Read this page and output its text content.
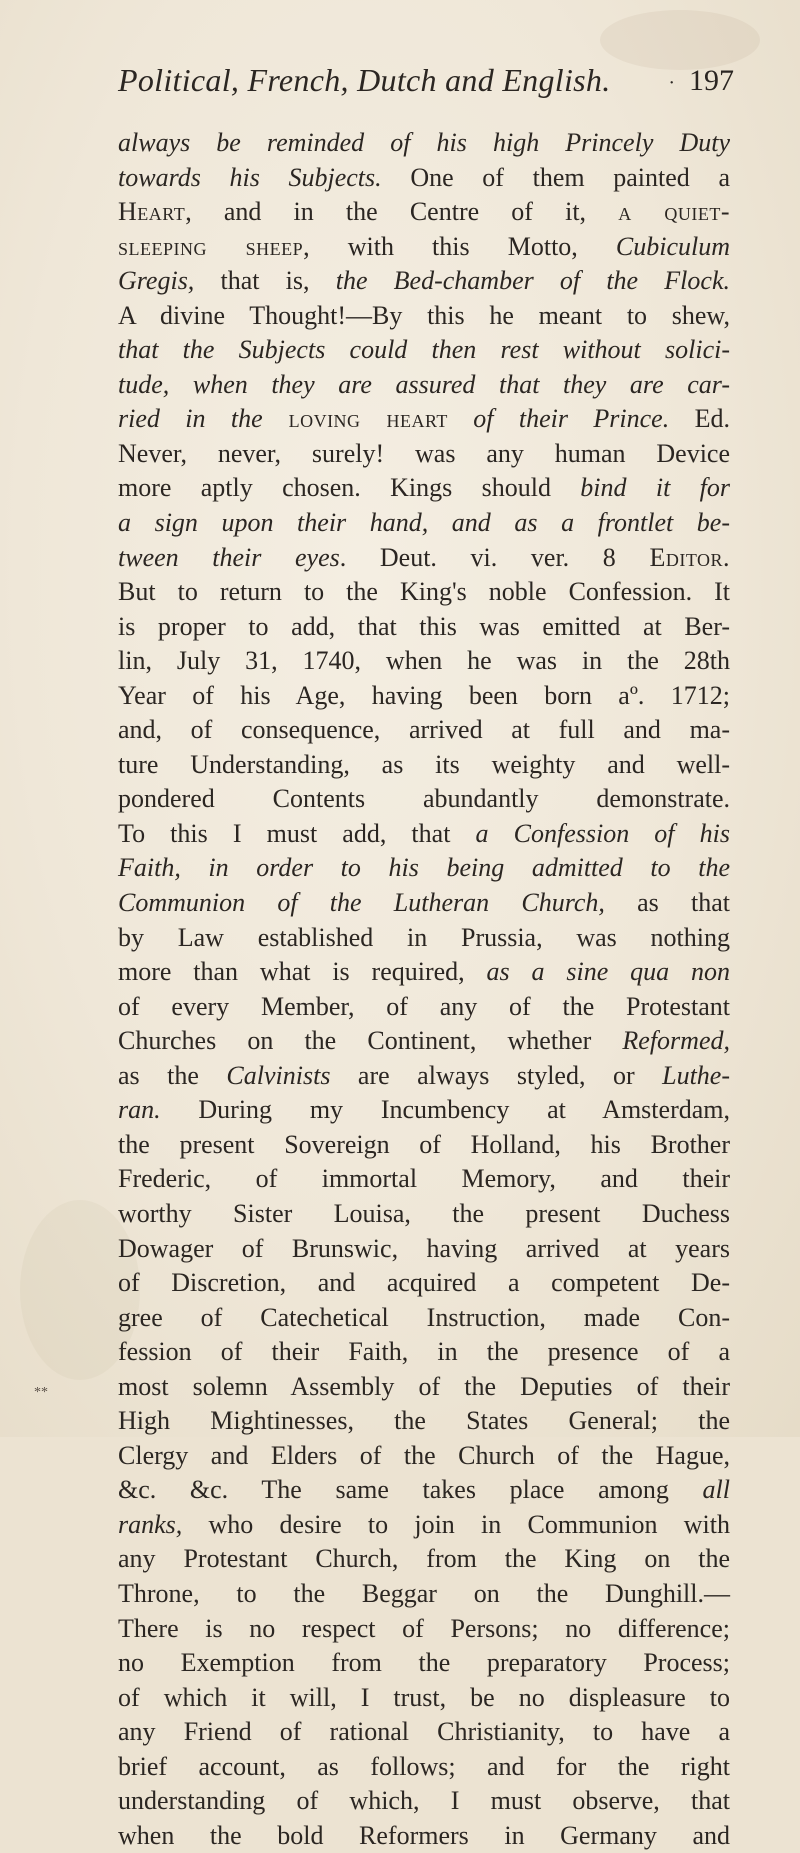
Political, French, Dutch and English.	· 197
always be reminded of his high Princely Duty
towards his Subjects. One of them painted a
Heart, and in the Centre of it, a quiet-
sleeping sheep, with this Motto, Cubiculum
Gregis, that is, the Bed-chamber of the Flock.
A divine Thought!—By this he meant to shew,
that the Subjects could then rest without solici-
tude, when they are assured that they are car-
ried in the loving heart of their Prince. Ed.
Never, never, surely! was any human Device
more aptly chosen. Kings should bind it for
a sign upon their hand, and as a frontlet be-
tween their eyes. Deut. vi. ver. 8 Editor.
But to return to the King's noble Confession. It
is proper to add, that this was emitted at Ber-
lin, July 31, 1740, when he was in the 28th
Year of his Age, having been born aº. 1712;
and, of consequence, arrived at full and ma-
ture Understanding, as its weighty and well-
pondered Contents abundantly demonstrate.
To this I must add, that a Confession of his
Faith, in order to his being admitted to the
Communion of the Lutheran Church, as that
by Law established in Prussia, was nothing
more than what is required, as a sine qua non
of every Member, of any of the Protestant
Churches on the Continent, whether Reformed,
as the Calvinists are always styled, or Luthe-
ran. During my Incumbency at Amsterdam,
the present Sovereign of Holland, his Brother
Frederic, of immortal Memory, and their
worthy Sister Louisa, the present Duchess
Dowager of Brunswic, having arrived at years
of Discretion, and acquired a competent De-
gree of Catechetical Instruction, made Con-
fession of their Faith, in the presence of a
most solemn Assembly of the Deputies of their
High Mightinesses, the States General; the
Clergy and Elders of the Church of the Hague,
&c. &c. The same takes place among all
ranks, who desire to join in Communion with
any Protestant Church, from the King on the
Throne, to the Beggar on the Dunghill.—
There is no respect of Persons; no difference;
no Exemption from the preparatory Process;
of which it will, I trust, be no displeasure to
any Friend of rational Christianity, to have a
brief account, as follows; and for the right
understanding of which, I must observe, that
when the bold Reformers in Germany and
**
